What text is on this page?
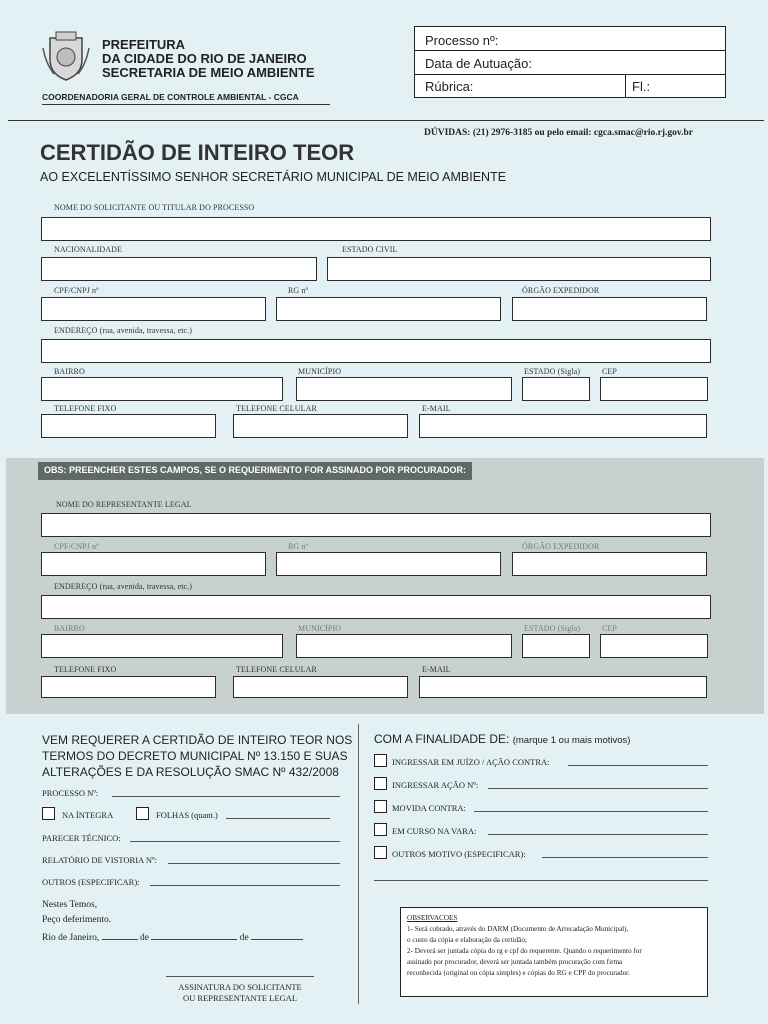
PREFEITURA
DA CIDADE DO RIO DE JANEIRO
SECRETARIA DE MEIO AMBIENTE
COORDENADORIA GERAL DE CONTROLE AMBIENTAL - CGCA
Processo nº:
Data de Autuação:
Rúbrica:	Fl.:
DÚVIDAS: (21) 2976-3185 ou pelo email: cgca.smac@rio.rj.gov.br
CERTIDÃO DE INTEIRO TEOR
AO EXCELENTÍSSIMO SENHOR SECRETÁRIO MUNICIPAL DE MEIO AMBIENTE
NOME DO SOLICITANTE OU TITULAR DO PROCESSO
NACIONALIDADE	ESTADO CIVIL
CPF/CNPJ nº	RG nº	ÓRGÃO EXPEDIDOR
ENDEREÇO (rua, avenida, travessa, etc.)
BAIRRO	MUNICÍPIO	ESTADO (Sigla)	CEP
TELEFONE FIXO	TELEFONE CELULAR	E-MAIL
OBS: PREENCHER ESTES CAMPOS, SE O REQUERIMENTO FOR ASSINADO POR PROCURADOR:
NOME DO REPRESENTANTE LEGAL
CPF/CNPJ nº	RG nº	ÓRGÃO EXPEDIDOR
ENDEREÇO (rua, avenida, travessa, etc.)
BAIRRO	MUNICÍPIO	ESTADO (Sigla)	CEP
TELEFONE FIXO	TELEFONE CELULAR	E-MAIL
VEM REQUERER A CERTIDÃO DE INTEIRO TEOR NOS
TERMOS DO DECRETO MUNICIPAL Nº 13.150 E SUAS
ALTERAÇÕES E DA RESOLUÇÃO SMAC Nº 432/2008
PROCESSO Nº:
NA ÍNTEGRA	FOLHAS (quant.)
PARECER TÉCNICO:
RELATÓRIO DE VISTORIA Nº:
OUTROS (ESPECIFICAR):
Nestes Temos,
Peço deferimento.
Rio de Janeiro,	de	de
ASSINATURA DO SOLICITANTE
OU REPRESENTANTE LEGAL
COM A FINALIDADE DE: (marque 1 ou mais motivos)
INGRESSAR EM JUÍZO / AÇÃO CONTRA:
INGRESSAR AÇÃO Nº:
MOVIDA CONTRA:
EM CURSO NA VARA:
OUTROS MOTIVO (ESPECIFICAR):
OBSERVACOES
1- Será cobrado, através do DARM (Documento de Arrecadação Municipal),
o custo da cópia e elaboração da certidão;
2- Deverá ser juntada cópia do rg e cpf do requerente. Quando o requerimento for
assinado por procurador, deverá ser juntada também procuração com firma
reconhecida (original ou cópia simples) e cópias do RG e CPF do procurador.
